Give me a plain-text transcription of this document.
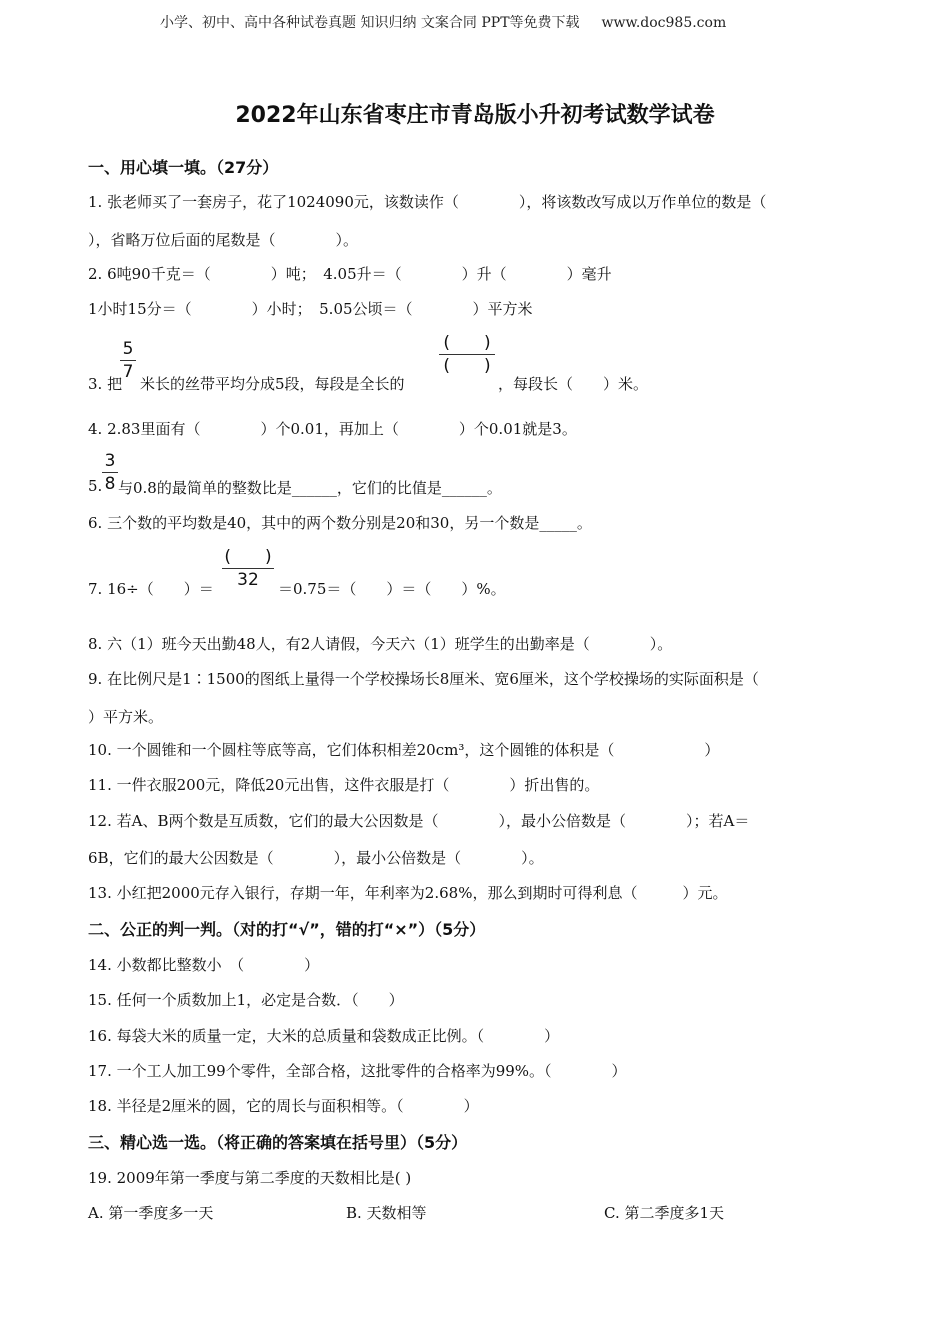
小学、初中、高中各种试卷真题 知识归纳 文案合同 PPT等免费下载 www.doc985.com
2022年山东省枣庄市青岛版小升初考试数学试卷
一、用心填一填。（27分）
1. 张老师买了一套房子，花了1024090元，该数读作（　　　　），将该数改写成以万作单位的数是（
），省略万位后面的尾数是（　　　　）。
2. 6吨90千克＝（　　　　）吨；　4.05升＝（　　　　）升（　　　　）毫升
1小时15分＝（　　　　）小时；　5.05公顷＝（　　　　）平方米
3. 把
$\frac{5}{7}$
米长的丝带平均分成5段，每段是全长的
(　　)
(　　)
，每段长（　　）米。
4. 2.83里面有（　　　　）个0.01，再加上（　　　　）个0.01就是3。
5. $\frac{3}{8}$ 与0.8的最简单的整数比是______，它们的比值是______。
6. 三个数的平均数是40，其中的两个数分别是20和30，另一个数是_____。
7. 16÷（　　）＝
(　　)
32	＝0.75＝（　　）＝（　　）%。
8. 六（1）班今天出勤48人，有2人请假，今天六（1）班学生的出勤率是（　　　　）。
9. 在比例尺是1∶1500的图纸上量得一个学校操场长8厘米、宽6厘米，这个学校操场的实际面积是（
）平方米。
10. 一个圆锥和一个圆柱等底等高，它们体积相差20cm³，这个圆锥的体积是（　　　　　　）
11. 一件衣服200元，降低20元出售，这件衣服是打（　　　　）折出售的。
12. 若A、B两个数是互质数，它们的最大公因数是（　　　　），最小公倍数是（　　　　）；若A＝
6B，它们的最大公因数是（　　　　），最小公倍数是（　　　　）。
13. 小红把2000元存入银行，存期一年，年利率为2.68%，那么到期时可得利息（　　　）元。
二、公正的判一判。（对的打“√”，错的打“×”）（5分）
14. 小数都比整数小　（　　　　）
15. 任何一个质数加上1，必定是合数．（　　）
16. 每袋大米的质量一定，大米的总质量和袋数成正比例。（　　　　）
17. 一个工人加工99个零件，全部合格，这批零件的合格率为99%。（　　　　）
18. 半径是2厘米的圆，它的周长与面积相等。（　　　　）
三、精心选一选。（将正确的答案填在括号里）（5分）
19. 2009年第一季度与第二季度的天数相比是( )
A. 第一季度多一天	B. 天数相等	C. 第二季度多1天
